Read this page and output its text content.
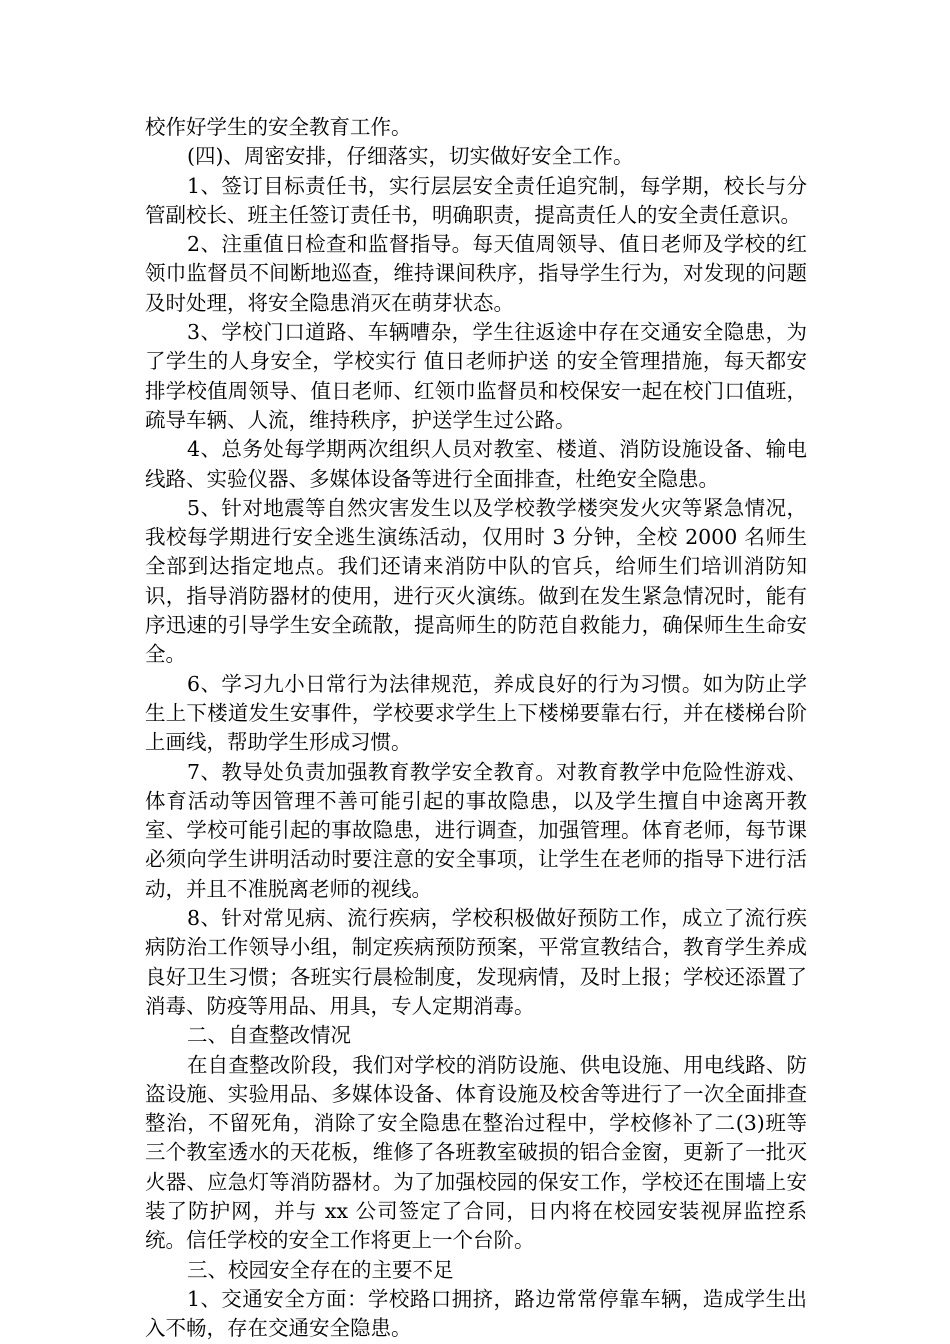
校作好学生的安全教育工作。

(四)、周密安排，仔细落实，切实做好安全工作。

1、签订目标责任书，实行层层安全责任追究制，每学期，校长与分管副校长、班主任签订责任书，明确职责，提高责任人的安全责任意识。

2、注重值日检查和监督指导。每天值周领导、值日老师及学校的红领巾监督员不间断地巡查，维持课间秩序，指导学生行为，对发现的问题及时处理，将安全隐患消灭在萌芽状态。

3、学校门口道路、车辆嘈杂，学生往返途中存在交通安全隐患，为了学生的人身安全，学校实行 值日老师护送 的安全管理措施，每天都安排学校值周领导、值日老师、红领巾监督员和校保安一起在校门口值班，疏导车辆、人流，维持秩序，护送学生过公路。

4、总务处每学期两次组织人员对教室、楼道、消防设施设备、输电线路、实验仪器、多媒体设备等进行全面排查，杜绝安全隐患。

5、针对地震等自然灾害发生以及学校教学楼突发火灾等紧急情况，我校每学期进行安全逃生演练活动，仅用时 3 分钟，全校 2000 名师生全部到达指定地点。我们还请来消防中队的官兵，给师生们培训消防知识，指导消防器材的使用，进行灭火演练。做到在发生紧急情况时，能有序迅速的引导学生安全疏散，提高师生的防范自救能力，确保师生生命安全。

6、学习九小日常行为法律规范，养成良好的行为习惯。如为防止学生上下楼道发生安事件，学校要求学生上下楼梯要靠右行，并在楼梯台阶上画线，帮助学生形成习惯。

7、教导处负责加强教育教学安全教育。对教育教学中危险性游戏、体育活动等因管理不善可能引起的事故隐患，以及学生擅自中途离开教室、学校可能引起的事故隐患，进行调查，加强管理。体育老师，每节课必须向学生讲明活动时要注意的安全事项，让学生在老师的指导下进行活动，并且不准脱离老师的视线。

8、针对常见病、流行疾病，学校积极做好预防工作，成立了流行疾病防治工作领导小组，制定疾病预防预案，平常宣教结合，教育学生养成良好卫生习惯；各班实行晨检制度，发现病情，及时上报；学校还添置了消毒、防疫等用品、用具，专人定期消毒。

二、自查整改情况

在自查整改阶段，我们对学校的消防设施、供电设施、用电线路、防盗设施、实验用品、多媒体设备、体育设施及校舍等进行了一次全面排查整治，不留死角，消除了安全隐患在整治过程中，学校修补了二(3)班等三个教室透水的天花板，维修了各班教室破损的铝合金窗，更新了一批灭火器、应急灯等消防器材。为了加强校园的保安工作，学校还在围墙上安装了防护网，并与 xx 公司签定了合同，日内将在校园安装视屏监控系统。信任学校的安全工作将更上一个台阶。

三、校园安全存在的主要不足

1、交通安全方面：学校路口拥挤，路边常常停靠车辆，造成学生出入不畅，存在交通安全隐患。
